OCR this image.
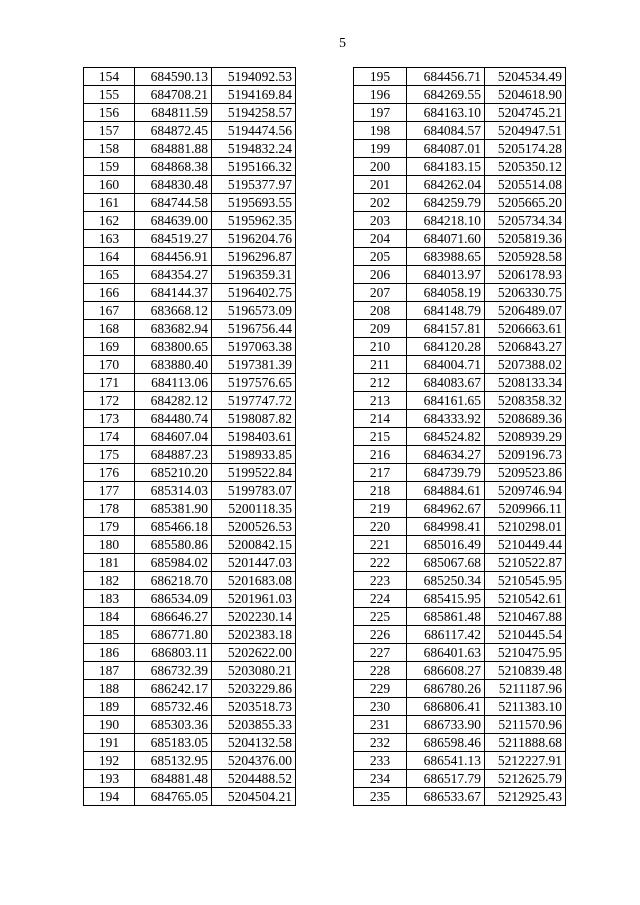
5
154	684590.13	5194092.53
155	684708.21	5194169.84
156	684811.59	5194258.57
157	684872.45	5194474.56
158	684881.88	5194832.24
159	684868.38	5195166.32
160	684830.48	5195377.97
161	684744.58	5195693.55
162	684639.00	5195962.35
163	684519.27	5196204.76
164	684456.91	5196296.87
165	684354.27	5196359.31
166	684144.37	5196402.75
167	683668.12	5196573.09
168	683682.94	5196756.44
169	683800.65	5197063.38
170	683880.40	5197381.39
171	684113.06	5197576.65
172	684282.12	5197747.72
173	684480.74	5198087.82
174	684607.04	5198403.61
175	684887.23	5198933.85
176	685210.20	5199522.84
177	685314.03	5199783.07
178	685381.90	5200118.35
179	685466.18	5200526.53
180	685580.86	5200842.15
181	685984.02	5201447.03
182	686218.70	5201683.08
183	686534.09	5201961.03
184	686646.27	5202230.14
185	686771.80	5202383.18
186	686803.11	5202622.00
187	686732.39	5203080.21
188	686242.17	5203229.86
189	685732.46	5203518.73
190	685303.36	5203855.33
191	685183.05	5204132.58
192	685132.95	5204376.00
193	684881.48	5204488.52
194	684765.05	5204504.21
195	684456.71	5204534.49
196	684269.55	5204618.90
197	684163.10	5204745.21
198	684084.57	5204947.51
199	684087.01	5205174.28
200	684183.15	5205350.12
201	684262.04	5205514.08
202	684259.79	5205665.20
203	684218.10	5205734.34
204	684071.60	5205819.36
205	683988.65	5205928.58
206	684013.97	5206178.93
207	684058.19	5206330.75
208	684148.79	5206489.07
209	684157.81	5206663.61
210	684120.28	5206843.27
211	684004.71	5207388.02
212	684083.67	5208133.34
213	684161.65	5208358.32
214	684333.92	5208689.36
215	684524.82	5208939.29
216	684634.27	5209196.73
217	684739.79	5209523.86
218	684884.61	5209746.94
219	684962.67	5209966.11
220	684998.41	5210298.01
221	685016.49	5210449.44
222	685067.68	5210522.87
223	685250.34	5210545.95
224	685415.95	5210542.61
225	685861.48	5210467.88
226	686117.42	5210445.54
227	686401.63	5210475.95
228	686608.27	5210839.48
229	686780.26	5211187.96
230	686806.41	5211383.10
231	686733.90	5211570.96
232	686598.46	5211888.68
233	686541.13	5212227.91
234	686517.79	5212625.79
235	686533.67	5212925.43
